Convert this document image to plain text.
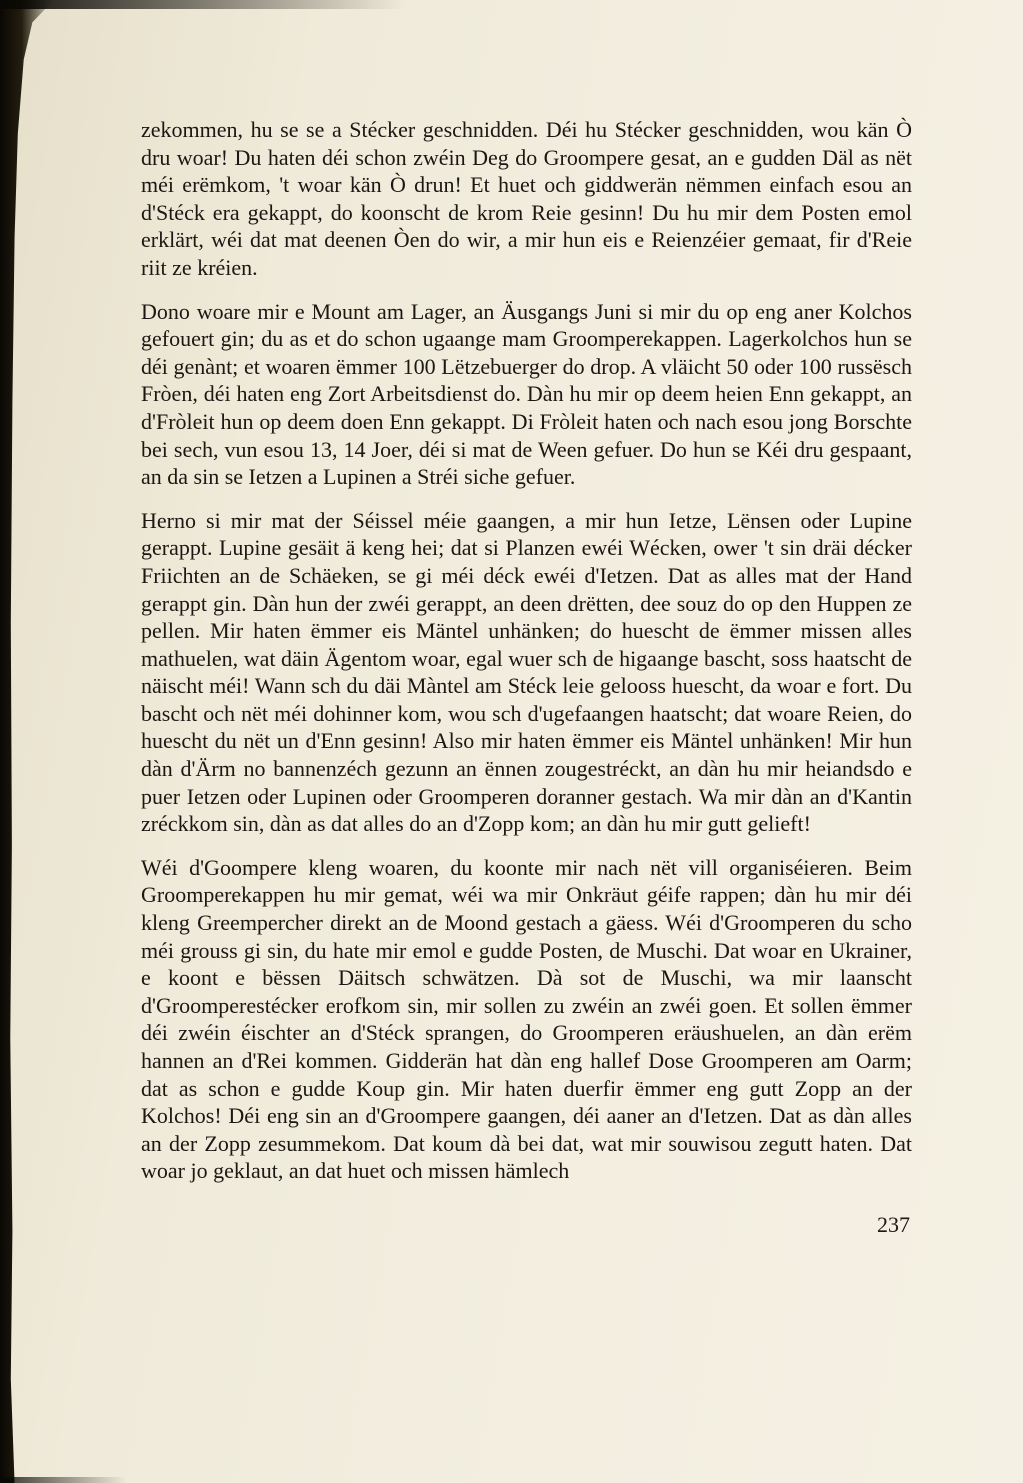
zekommen, hu se se a Stécker geschnidden. Déi hu Stécker geschnidden, wou kän Ò dru woar! Du haten déi schon zwéin Deg do Groompere gesat, an e gudden Däl as nët méi erëmkom, 't woar kän Ò drun! Et huet och giddwerän nëmmen einfach esou an d'Stéck era gekappt, do koonscht de krom Reie gesinn! Du hu mir dem Posten emol erklärt, wéi dat mat deenen Òen do wir, a mir hun eis e Reienzéier gemaat, fir d'Reie riit ze kréien.

Dono woare mir e Mount am Lager, an Äusgangs Juni si mir du op eng aner Kolchos gefouert gin; du as et do schon ugaange mam Groomperekappen. Lagerkolchos hun se déi genànt; et woaren ëmmer 100 Lëtzebuerger do drop. A vläicht 50 oder 100 russësch Fròen, déi haten eng Zort Arbeitsdienst do. Dàn hu mir op deem heien Enn gekappt, an d'Fròleit hun op deem doen Enn gekappt. Di Fròleit haten och nach esou jong Borschte bei sech, vun esou 13, 14 Joer, déi si mat de Ween gefuer. Do hun se Kéi dru gespaant, an da sin se Ietzen a Lupinen a Stréi siche gefuer.

Herno si mir mat der Séissel méie gaangen, a mir hun Ietze, Lënsen oder Lupine gerappt. Lupine gesäit ä keng hei; dat si Planzen ewéi Wécken, ower 't sin dräi décker Friichten an de Schäeken, se gi méi déck ewéi d'Ietzen. Dat as alles mat der Hand gerappt gin. Dàn hun der zwéi gerappt, an deen drëtten, dee souz do op den Huppen ze pellen. Mir haten ëmmer eis Mäntel unhänken; do huescht de ëmmer missen alles mathuelen, wat däin Ägentom woar, egal wuer sch de higaange bascht, soss haatscht de näischt méi! Wann sch du däi Màntel am Stéck leie gelooss huescht, da woar e fort. Du bascht och nët méi dohinner kom, wou sch d'ugefaangen haatscht; dat woare Reien, do huescht du nët un d'Enn gesinn! Also mir haten ëmmer eis Mäntel unhänken! Mir hun dàn d'Ärm no bannenzéch gezunn an ënnen zougestréckt, an dàn hu mir heiandsdo e puer Ietzen oder Lupinen oder Groomperen doranner gestach. Wa mir dàn an d'Kantin zréckkom sin, dàn as dat alles do an d'Zopp kom; an dàn hu mir gutt gelieft!

Wéi d'Goompere kleng woaren, du koonte mir nach nët vill organiséieren. Beim Groomperekappen hu mir gemat, wéi wa mir Onkräut géife rappen; dàn hu mir déi kleng Greempercher direkt an de Moond gestach a gäess. Wéi d'Groomperen du scho méi grouss gi sin, du hate mir emol e gudde Posten, de Muschi. Dat woar en Ukrainer, e koont e bëssen Däitsch schwätzen. Dà sot de Muschi, wa mir laanscht d'Groomperestécker erofkom sin, mir sollen zu zwéin an zwéi goen. Et sollen ëmmer déi zwéin éischter an d'Stéck sprangen, do Groomperen eräushuelen, an dàn erëm hannen an d'Rei kommen. Gidderän hat dàn eng hallef Dose Groomperen am Oarm; dat as schon e gudde Koup gin. Mir haten duerfir ëmmer eng gutt Zopp an der Kolchos! Déi eng sin an d'Groompere gaangen, déi aaner an d'Ietzen. Dat as dàn alles an der Zopp zesummekom. Dat koum dà bei dat, wat mir souwisou zegutt haten. Dat woar jo geklaut, an dat huet och missen hämlech

237
